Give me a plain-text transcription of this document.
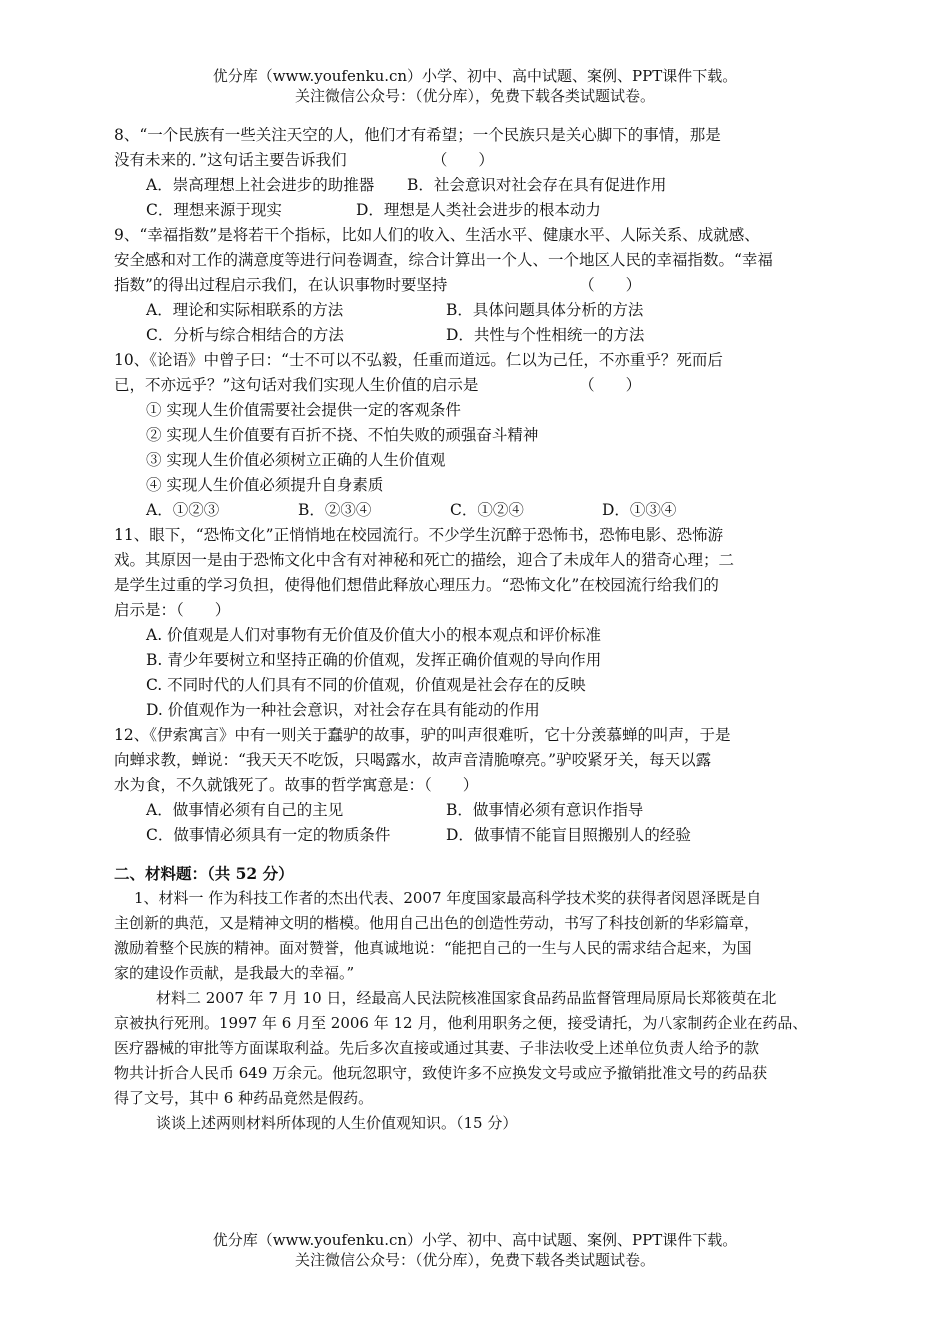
优分库（www.youfenku.cn）小学、初中、高中试题、案例、PPT课件下载。
关注微信公众号：（优分库），免费下载各类试题试卷。
8、“一个民族有一些关注天空的人，他们才有希望；一个民族只是关心脚下的事情，那是
没有未来的．”这句话主要告诉我们　　　　　　（　　）
A．崇高理想上社会进步的助推器	B．社会意识对社会存在具有促进作用
C．理想来源于现实	D．理想是人类社会进步的根本动力
9、“幸福指数”是将若干个指标，比如人们的收入、生活水平、健康水平、人际关系、成就感、
安全感和对工作的满意度等进行问卷调查，综合计算出一个人、一个地区人民的幸福指数。“幸福
指数”的得出过程启示我们，在认识事物时要坚持　　　　　　　　　（　　）
A．理论和实际相联系的方法	B．具体问题具体分析的方法
C．分析与综合相结合的方法	D．共性与个性相统一的方法
10、《论语》中曾子曰：“士不可以不弘毅，任重而道远。仁以为己任，不亦重乎？死而后
已，不亦远乎？”这句话对我们实现人生价值的启示是　　　　　　　（　　）
① 实现人生价值需要社会提供一定的客观条件
② 实现人生价值要有百折不挠、不怕失败的顽强奋斗精神
③ 实现人生价值必须树立正确的人生价值观
④ 实现人生价值必须提升自身素质
A．①②③	B．②③④	C．①②④	D．①③④
11、眼下，“恐怖文化”正悄悄地在校园流行。不少学生沉醉于恐怖书，恐怖电影、恐怖游
戏。其原因一是由于恐怖文化中含有对神秘和死亡的描绘，迎合了未成年人的猎奇心理；二
是学生过重的学习负担，使得他们想借此释放心理压力。“恐怖文化”在校园流行给我们的
启示是：（　　）
A. 价值观是人们对事物有无价值及价值大小的根本观点和评价标准
B. 青少年要树立和坚持正确的价值观，发挥正确价值观的导向作用
C. 不同时代的人们具有不同的价值观，价值观是社会存在的反映
D. 价值观作为一种社会意识，对社会存在具有能动的作用
12、《伊索寓言》中有一则关于蠢驴的故事，驴的叫声很难听，它十分羡慕蝉的叫声，于是
向蝉求教，蝉说：“我天天不吃饭，只喝露水，故声音清脆嘹亮。”驴咬紧牙关，每天以露
水为食，不久就饿死了。故事的哲学寓意是：（　　）
A．做事情必须有自己的主见	B．做事情必须有意识作指导
C．做事情必须具有一定的物质条件	D．做事情不能盲目照搬别人的经验
二、材料题：（共 52 分）
1、材料一 作为科技工作者的杰出代表、2007 年度国家最高科学技术奖的获得者闵恩泽既是自
主创新的典范，又是精神文明的楷模。他用自己出色的创造性劳动，书写了科技创新的华彩篇章，
激励着整个民族的精神。面对赞誉，他真诚地说：“能把自己的一生与人民的需求结合起来，为国
家的建设作贡献，是我最大的幸福。”
材料二 2007 年 7 月 10 日，经最高人民法院核准国家食品药品监督管理局原局长郑筱萸在北
京被执行死刑。1997 年 6 月至 2006 年 12 月，他利用职务之便，接受请托，为八家制药企业在药品、
医疗器械的审批等方面谋取利益。先后多次直接或通过其妻、子非法收受上述单位负责人给予的款
物共计折合人民币 649 万余元。他玩忽职守，致使许多不应换发文号或应予撤销批准文号的药品获
得了文号，其中 6 种药品竟然是假药。
谈谈上述两则材料所体现的人生价值观知识。（15 分）
优分库（www.youfenku.cn）小学、初中、高中试题、案例、PPT课件下载。
关注微信公众号：（优分库），免费下载各类试题试卷。
